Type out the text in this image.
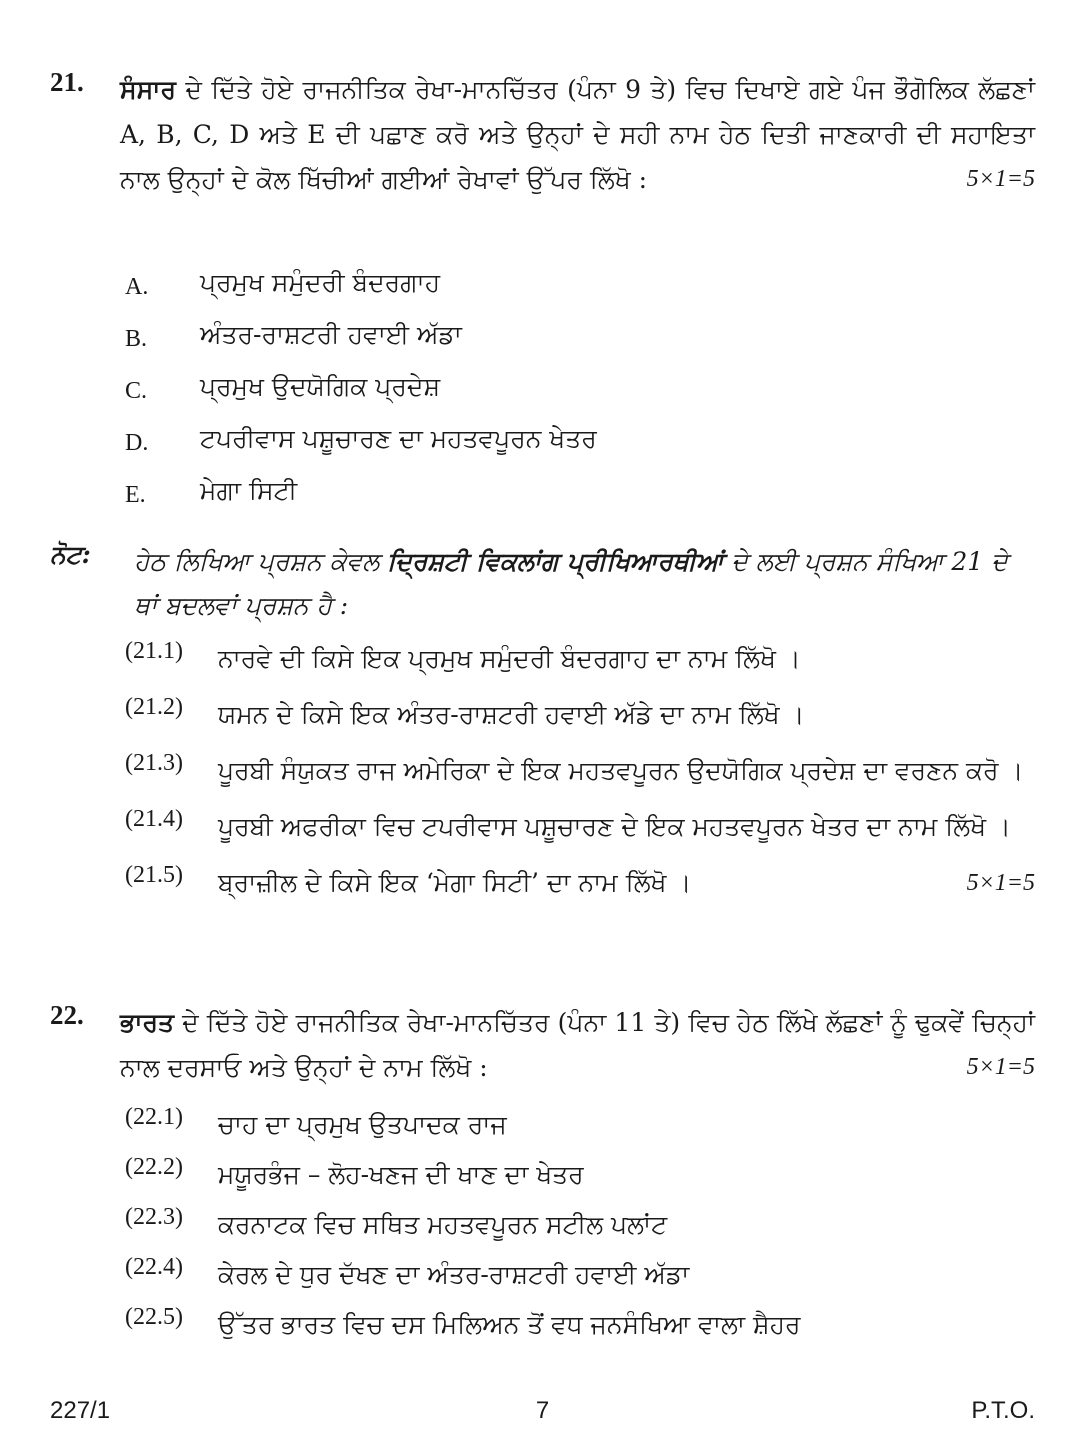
21. ਸੰਸਾਰ ਦੇ ਦਿੱਤੇ ਹੋਏ ਰਾਜਨੀਤਿਕ ਰੇਖਾ-ਮਾਨਚਿੱਤਰ (ਪੰਨਾ 9 ਤੇ) ਵਿਚ ਦਿਖਾਏ ਗਏ ਪੰਜ ਭੌਗੋਲਿਕ ਲੱਛਣਾਂ A, B, C, D ਅਤੇ E ਦੀ ਪਛਾਣ ਕਰੋ ਅਤੇ ਉਨ੍ਹਾਂ ਦੇ ਸਹੀ ਨਾਮ ਹੇਠ ਦਿਤੀ ਜਾਣਕਾਰੀ ਦੀ ਸਹਾਇਤਾ ਨਾਲ ਉਨ੍ਹਾਂ ਦੇ ਕੋਲ ਖਿੱਚੀਆਂ ਗਈਆਂ ਰੇਖਾਵਾਂ ਉੱਪਰ ਲਿੱਖੋ :	5×1=5
A.	ਪ੍ਰਮੁਖ ਸਮੁੰਦਰੀ ਬੰਦਰਗਾਹ
B.	ਅੰਤਰ-ਰਾਸ਼ਟਰੀ ਹਵਾਈ ਅੱਡਾ
C.	ਪ੍ਰਮੁਖ ਉਦਯੋਗਿਕ ਪ੍ਰਦੇਸ਼
D.	ਟਪਰੀਵਾਸ ਪਸ਼ੂਚਾਰਣ ਦਾ ਮਹਤਵਪੂਰਨ ਖੇਤਰ
E.	ਮੇਗਾ ਸਿਟੀ
ਨੋਟ: ਹੇਠ ਲਿਖਿਆ ਪ੍ਰਸ਼ਨ ਕੇਵਲ ਦ੍ਰਿਸ਼ਟੀ ਵਿਕਲਾਂਗ ਪ੍ਰੀਖਿਆਰਥੀਆਂ ਦੇ ਲਈ ਪ੍ਰਸ਼ਨ ਸੰਖਿਆ 21 ਦੇ ਥਾਂ ਬਦਲਵਾਂ ਪ੍ਰਸ਼ਨ ਹੈ :
(21.1) ਨਾਰਵੇ ਦੀ ਕਿਸੇ ਇਕ ਪ੍ਰਮੁਖ ਸਮੁੰਦਰੀ ਬੰਦਰਗਾਹ ਦਾ ਨਾਮ ਲਿੱਖੋ ।
(21.2) ਯਮਨ ਦੇ ਕਿਸੇ ਇਕ ਅੰਤਰ-ਰਾਸ਼ਟਰੀ ਹਵਾਈ ਅੱਡੇ ਦਾ ਨਾਮ ਲਿੱਖੋ ।
(21.3) ਪੂਰਬੀ ਸੰਯੁਕਤ ਰਾਜ ਅਮੇਰਿਕਾ ਦੇ ਇਕ ਮਹਤਵਪੂਰਨ ਉਦਯੋਗਿਕ ਪ੍ਰਦੇਸ਼ ਦਾ ਵਰਣਨ ਕਰੋ ।
(21.4) ਪੂਰਬੀ ਅਫਰੀਕਾ ਵਿਚ ਟਪਰੀਵਾਸ ਪਸ਼ੂਚਾਰਣ ਦੇ ਇਕ ਮਹਤਵਪੂਰਨ ਖੇਤਰ ਦਾ ਨਾਮ ਲਿੱਖੋ ।
(21.5) ਬ੍ਰਾਜ਼ੀਲ ਦੇ ਕਿਸੇ ਇਕ ‘ਮੇਗਾ ਸਿਟੀ’ ਦਾ ਨਾਮ ਲਿੱਖੋ ।	5×1=5
22. ਭਾਰਤ ਦੇ ਦਿੱਤੇ ਹੋਏ ਰਾਜਨੀਤਿਕ ਰੇਖਾ-ਮਾਨਚਿੱਤਰ (ਪੰਨਾ 11 ਤੇ) ਵਿਚ ਹੇਠ ਲਿੱਖੇ ਲੱਛਣਾਂ ਨੂੰ ਢੁਕਵੇਂ ਚਿਨ੍ਹਾਂ ਨਾਲ ਦਰਸਾਓ ਅਤੇ ਉਨ੍ਹਾਂ ਦੇ ਨਾਮ ਲਿੱਖੋ :	5×1=5
(22.1) ਚਾਹ ਦਾ ਪ੍ਰਮੁਖ ਉਤਪਾਦਕ ਰਾਜ
(22.2) ਮਯੂਰਭੰਜ – ਲੋਹ-ਖਣਜ ਦੀ ਖਾਣ ਦਾ ਖੇਤਰ
(22.3) ਕਰਨਾਟਕ ਵਿਚ ਸਥਿਤ ਮਹਤਵਪੂਰਨ ਸਟੀਲ ਪਲਾਂਟ
(22.4) ਕੇਰਲ ਦੇ ਧੁਰ ਦੱਖਣ ਦਾ ਅੰਤਰ-ਰਾਸ਼ਟਰੀ ਹਵਾਈ ਅੱਡਾ
(22.5) ਉੱਤਰ ਭਾਰਤ ਵਿਚ ਦਸ ਮਿਲਿਅਨ ਤੋਂ ਵਧ ਜਨਸੰਖਿਆ ਵਾਲਾ ਸ਼ੈਹਰ
227/1	7	P.T.O.
